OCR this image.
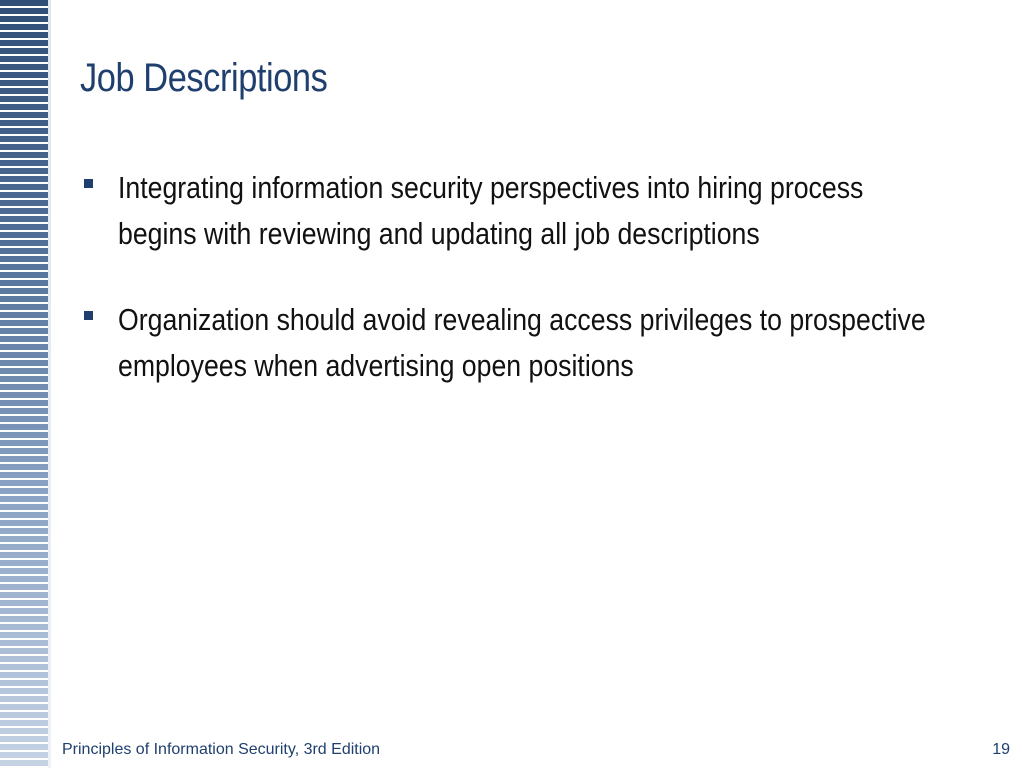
Job Descriptions
Integrating information security perspectives into hiring process begins with reviewing and updating all job descriptions
Organization should avoid revealing access privileges to prospective employees when advertising open positions
Principles of Information Security, 3rd Edition	19
